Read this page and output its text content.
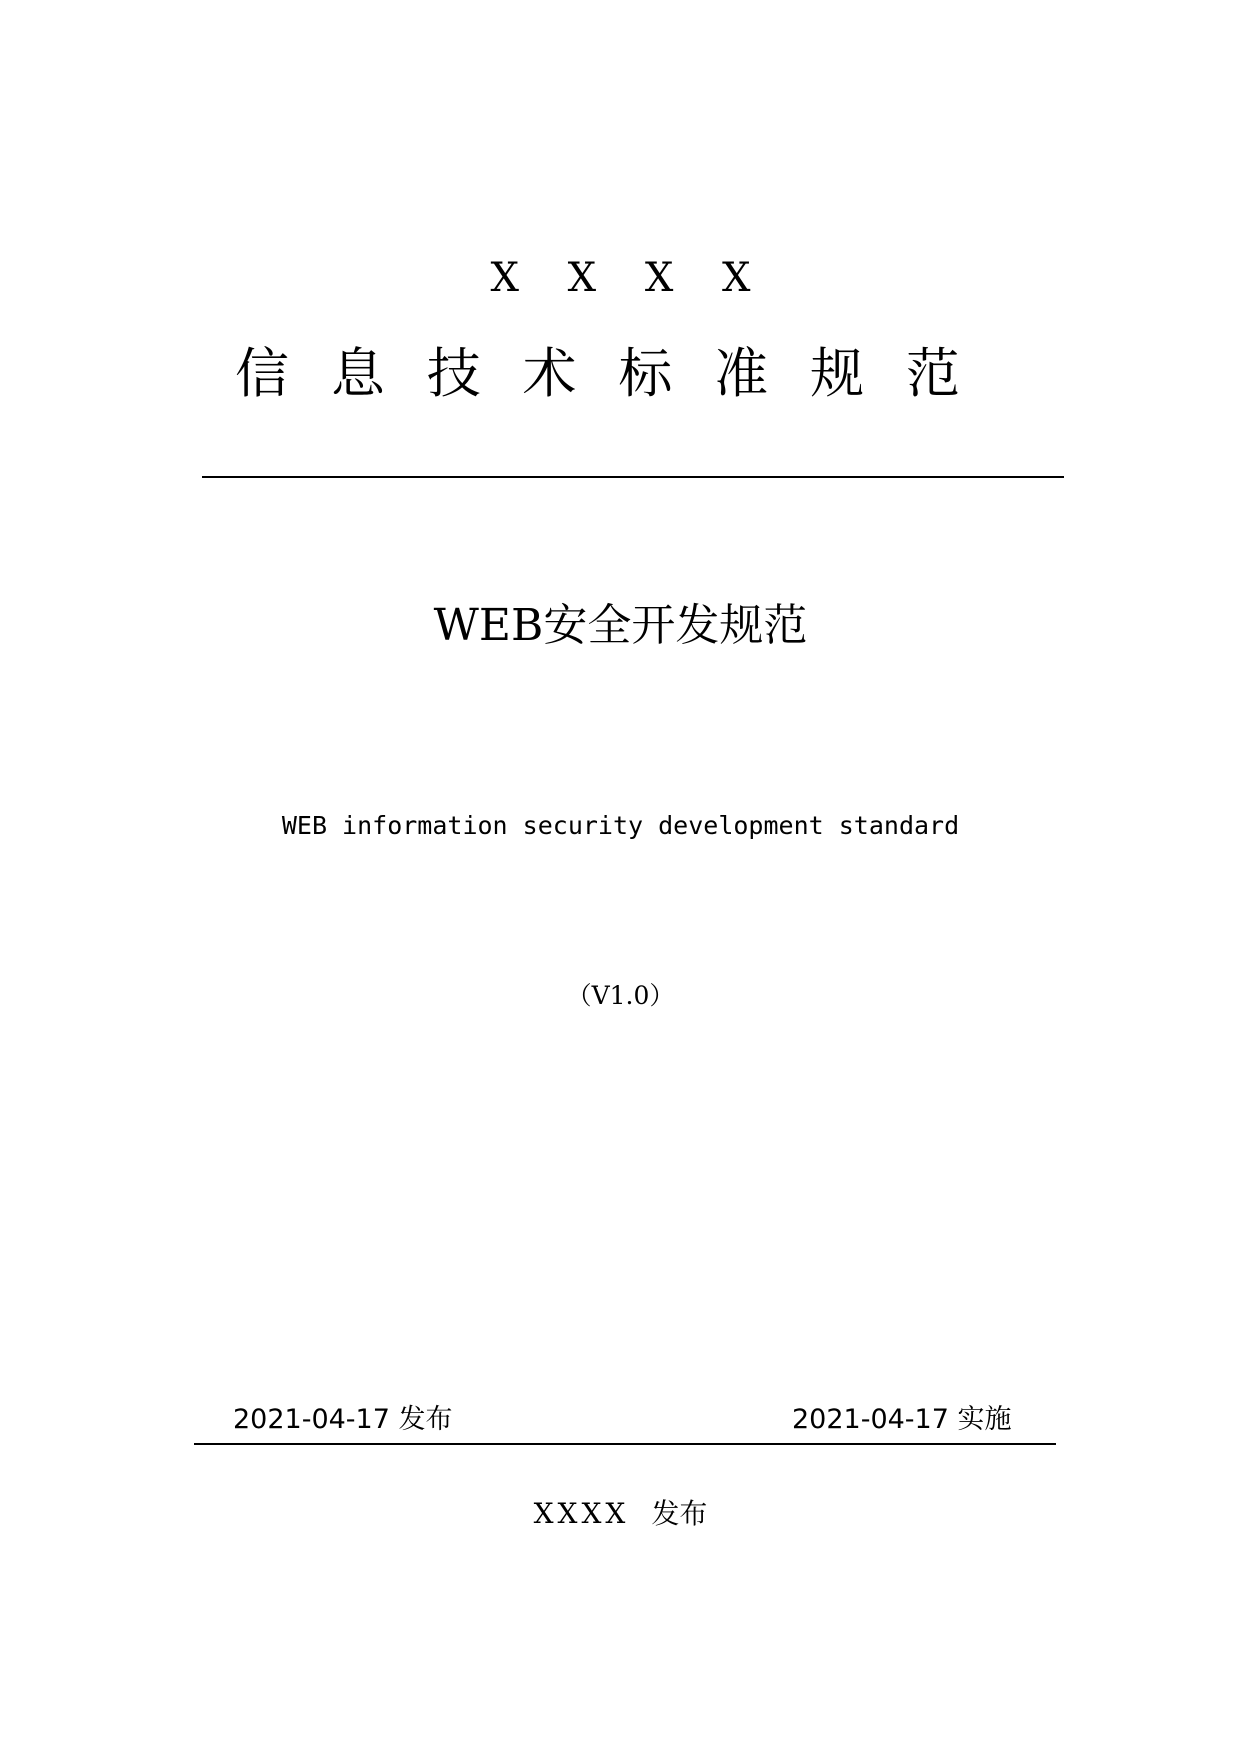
X X X X
信 息 技 术 标 准 规 范
WEB安全开发规范
WEB information security development standard
（V1.0）
2021-04-17 发布	2021-04-17 实施
XXXX 发布
